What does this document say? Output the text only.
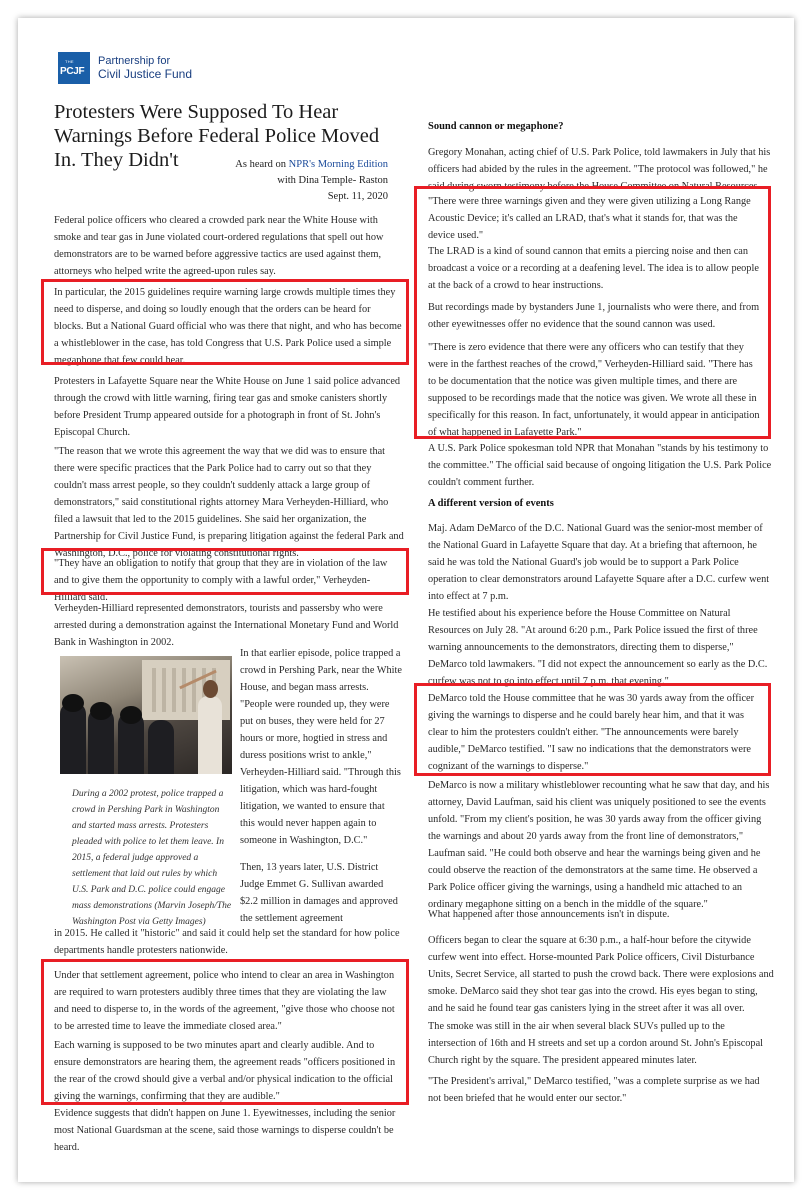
THE
PCJF
Partnership for
Civil Justice Fund
Protesters Were Supposed To Hear Warnings Before Federal Police Moved In. They Didn't	As heard on NPR's Morning Edition
with Dina Temple- Raston
Sept. 11, 2020

Federal police officers who cleared a crowded park near the White House with smoke and tear gas in June violated court-ordered regulations that spell out how demonstrators are to be warned before aggressive tactics are used against them, attorneys who helped write the agreed-upon rules say.

In particular, the 2015 guidelines require warning large crowds multiple times they need to disperse, and doing so loudly enough that the orders can be heard for blocks. But a National Guard official who was there that night, and who has become a whistleblower in the case, has told Congress that U.S. Park Police used a simple megaphone that few could hear.

Protesters in Lafayette Square near the White House on June 1 said police advanced through the crowd with little warning, firing tear gas and smoke canisters shortly before President Trump appeared outside for a photograph in front of St. John's Episcopal Church.

"The reason that we wrote this agreement the way that we did was to ensure that there were specific practices that the Park Police had to carry out so that they couldn't mass arrest people, so they couldn't suddenly attack a large group of demonstrators," said constitutional rights attorney Mara Verheyden-Hilliard, who filed a lawsuit that led to the 2015 guidelines. She said her organization, the Partnership for Civil Justice Fund, is preparing litigation against the federal Park and Washington, D.C., police for violating constitutional rights.

"They have an obligation to notify that group that they are in violation of the law and to give them the opportunity to comply with a lawful order," Verheyden-Hilliard said.

Verheyden-Hilliard represented demonstrators, tourists and passersby who were arrested during a demonstration against the International Monetary Fund and World Bank in Washington in 2002.

During a 2002 protest, police trapped a crowd in Pershing Park in Washington and started mass arrests. Protesters pleaded with police to let them leave. In 2015, a federal judge approved a settlement that laid out rules by which U.S. Park and D.C. police could engage mass demonstrations (Marvin Joseph/The Washington Post via Getty Images)

In that earlier episode, police trapped a crowd in Pershing Park, near the White House, and began mass arrests. "People were rounded up, they were put on buses, they were held for 27 hours or more, hogtied in stress and duress positions wrist to ankle," Verheyden-Hilliard said. "Through this litigation, which was hard-fought litigation, we wanted to ensure that this would never happen again to someone in Washington, D.C."

Then, 13 years later, U.S. District Judge Emmet G. Sullivan awarded $2.2 million in damages and approved the settlement agreement

in 2015. He called it "historic" and said it could help set the standard for how police departments handle protesters nationwide.

Under that settlement agreement, police who intend to clear an area in Washington are required to warn protesters audibly three times that they are violating the law and need to disperse to, in the words of the agreement, "give those who choose not to be arrested time to leave the immediate closed area."

Each warning is supposed to be two minutes apart and clearly audible. And to ensure demonstrators are hearing them, the agreement reads "officers positioned in the rear of the crowd should give a verbal and/or physical indication to the official giving the warnings, confirming that they are audible."

Evidence suggests that didn't happen on June 1. Eyewitnesses, including the senior most National Guardsman at the scene, said those warnings to disperse couldn't be heard.

Sound cannon or megaphone?

Gregory Monahan, acting chief of U.S. Park Police, told lawmakers in July that his officers had abided by the rules in the agreement. "The protocol was followed," he said during sworn testimony before the House Committee on Natural Resources.

"There were three warnings given and they were given utilizing a Long Range Acoustic Device; it's called an LRAD, that's what it stands for, that was the device used."

The LRAD is a kind of sound cannon that emits a piercing noise and then can broadcast a voice or a recording at a deafening level. The idea is to allow people at the back of a crowd to hear instructions.

But recordings made by bystanders June 1, journalists who were there, and from other eyewitnesses offer no evidence that the sound cannon was used.

"There is zero evidence that there were any officers who can testify that they were in the farthest reaches of the crowd," Verheyden-Hilliard said. "There has to be documentation that the notice was given multiple times, and there are supposed to be recordings made that the notice was given. We wrote all these in specifically for this reason. In fact, unfortunately, it would appear in anticipation of what happened in Lafayette Park."

A U.S. Park Police spokesman told NPR that Monahan "stands by his testimony to the committee." The official said because of ongoing litigation the U.S. Park Police couldn't comment further.

A different version of events

Maj. Adam DeMarco of the D.C. National Guard was the senior-most member of the National Guard in Lafayette Square that day. At a briefing that afternoon, he said he was told the National Guard's job would be to support a Park Police operation to clear demonstrators around Lafayette Square after a D.C. curfew went into effect at 7 p.m.

He testified about his experience before the House Committee on Natural Resources on July 28. "At around 6:20 p.m., Park Police issued the first of three warning announcements to the demonstrators, directing them to disperse," DeMarco told lawmakers. "I did not expect the announcement so early as the D.C. curfew was not to go into effect until 7 p.m. that evening."

DeMarco told the House committee that he was 30 yards away from the officer giving the warnings to disperse and he could barely hear him, and that it was clear to him the protesters couldn't either. "The announcements were barely audible," DeMarco testified. "I saw no indications that the demonstrators were cognizant of the warnings to disperse."

DeMarco is now a military whistleblower recounting what he saw that day, and his attorney, David Laufman, said his client was uniquely positioned to see the events unfold. "From my client's position, he was 30 yards away from the officer giving the warnings and about 20 yards away from the front line of demonstrators," Laufman said. "He could both observe and hear the warnings being given and he could observe the reaction of the demonstrators at the same time. He observed a Park Police officer giving the warnings, using a handheld mic attached to an ordinary megaphone sitting on a bench in the middle of the square."

What happened after those announcements isn't in dispute.

Officers began to clear the square at 6:30 p.m., a half-hour before the citywide curfew went into effect. Horse-mounted Park Police officers, Civil Disturbance Units, Secret Service, all started to push the crowd back. There were explosions and smoke. DeMarco said they shot tear gas into the crowd. His eyes began to sting, and he said he found tear gas canisters lying in the street after it was all over.

The smoke was still in the air when several black SUVs pulled up to the intersection of 16th and H streets and set up a cordon around St. John's Episcopal Church right by the square. The president appeared minutes later.

"The President's arrival," DeMarco testified, "was a complete surprise as we had not been briefed that he would enter our sector."
